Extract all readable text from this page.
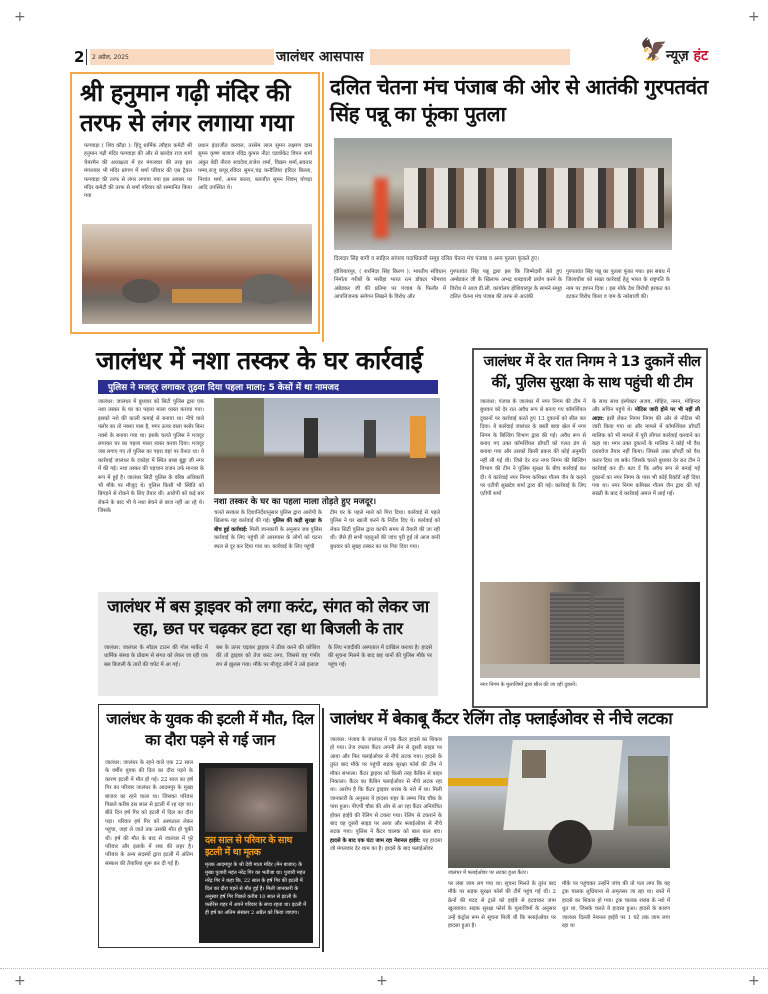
+	+
+	+
+
2 2 अप्रैल, 2025	जालंधर आसपास	🦅
न्यूज़ हंट
श्री हनुमान गढ़ी मंदिर की तरफ से लंगर लगाया गया
फगवाड़ा ( शिव कौड़ा ): हिंदू धार्मिक त्यौहार कमेटी श्री हनुमान गढ़ी मंदिर फगवाड़ा की और से बलदेव राज शर्मा चेयरमैन की अध्यक्षता में हर मंगलवार की तरह इस मंगलवार भी मंदिर प्रांगण में शर्मा परिवार की एस ट्रैवल फगवाड़ा की तरफ से लंगर लगाया गया इस अवसर पर मंदिर कमेटी की तरफ से शर्मा परिवार को सम्मानित किया गया
प्रधान इंदरजीत करवल, तरसेम लाल सुमन लक्ष्मण दास सुमन कृष्ण बजाज रविंद्र कुमार नीटा एडवोकेट विपन शर्मा अंकुर बेदी नीरज सचदेवा,राजेश शर्मा, विक्रम शर्मा,अवतार पम्मा,राजू कपूर,रविंदर सुमन,चंद्र कनौजिया हरिंदर बिल्ला, निशांत शर्मा, अमन काला, बलजीत सुमन शिवम् चोपड़ा आदि उपस्थित थे।
दलित चेतना मंच पंजाब की ओर से आतंकी गुरपतवंत सिंह पन्नू का फूंका पुतला
दिलदार सिंह बागी व साहिल सांपला पदाधिकारी समूह दलित चेतना मंच पंजाब व अन्य पुतला फूंकते हुए।
होशियारपुर, ( शरमिंदर सिंह किरण ): भारतीय संविधान निर्माता गरीबों के मसीहा भारत रत्न डॉक्टर भीमराव अंबेडकर जी की प्रतिमा पर पंजाब के फिलौर में आपत्तिजनक स्लोगन लिखने के विरोध और
गुरपतवंत सिंह पन्नू द्वारा इस कि जिम्मेदारी लेते हुए अम्बेडकर जी के खिलाफ अभद्र शब्दावली प्रयोग करने के विरोध मे आज डी.सी. कार्यालय होशियारपुर के सामने समूह दलित चेतना मंच पंजाब की तरफ से आतंकी
गुरपतवंत सिंह पन्नू का पुतला फूंका गया। इस संबंध में जिलाधीश को सख्त कार्रवाई हेतु भारत के राष्ट्रपति के नाम पर ज्ञापन दिया । इस मोके देश विरोधी हरकत का डटकर विरोध किया व जम के नारेबाजी की।
जालंधर में नशा तस्कर के घर कार्रवाई
पुलिस ने मजदूर लगाकर तुड़वा दिया पहला माला; 5 केसों में था नामजद
जालंधर: जालंधर में बुधवार को सिटी पुलिस द्वारा एक नशा तस्कर के घर का पहला माला ध्वस्त कराया गया। इसको नशे की काली कमाई से बनाया था। नीचे वाले फ्लोर का तो नक्शा पास है, मगर ऊपर वाला फ्लोर बिना नक्शे के बनाया गया था। इसके चलते पुलिस ने मजदूर लगाकर घर का पहला माला ध्वस्त करवा दिया। मजदूर जब लगाए गए तो पुलिस का पहरा वहां पर तैनात था। ये कार्रवाई जालंधर के दकोहा में स्थित बाबा बुड्ढा जी नगर में की गई। नशा तस्कर की पहचान राजन उर्फ मान्जर के रूप में हुई है। जालंधर सिटी पुलिस के वरिष्ठ अधिकारी भी मौके पर मौजूद थे। पुलिस किसी भी स्थिति को बिगड़ने से रोकने के लिए तैयार थी। आरोपी को कई बार रोकने के बाद भी वे नशा बेचने से बाज नहीं आ रहे थे। जिसके
नशा तस्कर के घर का पहला माला तोड़ते हुए मजदूर।
चलते सरकार के दिशानिर्देशानुसार पुलिस द्वारा आरोपी के खिलाफ यह कार्रवाई की गई। पुलिस की कड़ी सुरक्षा के बीच हुई कार्रवाई: मिली जानकारी के अनुसार जब पुलिस कार्रवाई के लिए पहुंची तो आसपास के लोगों को घटना स्थल से दूर कर दिया गया था। कार्रवाई के लिए पहुंची
टीम घर के पहले माले को गिरा दिया। कार्रवाई से पहले पुलिस ने घर खाली करने के निर्देश दिए थे। कार्रवाई को लेकर सिटी पुलिस द्वारा काफी समय से तैयारी की जा रही थी। जैसे ही सभी पहलुओं की जांच पूरी हुई तो आज यानी बुधवार को सुबह तस्कर का घर गिरा दिया गया।
जालंधर में देर रात निगम ने 13 दुकानें सील कीं, पुलिस सुरक्षा के साथ पहुंची थी टीम
जालंधर: पंजाब के जालंधर में नगर निगम की टीम ने बुधवार को देर रात अवैध रूप से बनाए गए कॉमर्शियल दुकानों पर कार्रवाई करते हुए 13 दुकानों को सील कर दिया। ये कार्रवाई जालंधर के बस्ती बावा खेल में नगर निगम के बिल्डिंग विभाग द्वारा की गई। अवैध रूप से बनाए गए उक्त कॉमर्शियल प्रॉपर्टी को गलत ढंग से बनाया गया और उसको किसी प्रकार की कोई अनुमति नहीं ली गई थी। जिसे देर रात नगर निगम की बिल्डिंग विभाग की टीम ने पुलिस सुरक्षा के बीच कार्रवाई कर दी। ये कार्रवाई नगर निगम कमिश्नर गौतम जैन के कहने पर एटीपी सुखदेव शर्मा द्वारा की गई। कार्रवाई के लिए एटीपी शर्मा
के साथ साथ इंस्पेक्टर अजय, मोहित, नमन, मोहिन्दर और सचिन पहुंचे थे। नोटिस जारी होने पर भी नहीं ली आज्ञा: इसी लेकर निगम निगम की ओर से नोटिस भी जारी किया गया था और मामले में कॉमर्शियल प्रॉपर्टी मालिक को भी मामले में पूरी लीगल कार्रवाई करवाने का कहा था। मगर उक्त दुकानों के मालिक ने कोई भी वैध दस्तावेज तैयार नहीं किया। जिससे उक्त प्रॉपर्टी को वैध करार दिया जा सके। जिसके चलते बुधवार देर रात टीम ने कार्रवाई कर दी। बता दें कि अवैध रूप से बनाई गई दुकानों का नगर निगम के पास भी कोई रिकॉर्ड नहीं दिया गया था। नगर निगम कमिश्नर गौतम जैन द्वारा की गई सख्ती के बाद ये कार्रवाई अमल में लाई गई।
नगर निगम के मुलाजिमों द्वारा सील की जा रही दुकानें।
जालंधर में बस ड्राइवर को लगा करंट, संगत को लेकर जा रहा, छत पर चढ़कर हटा रहा था बिजली के तार
जालंधर: जालंधर के मॉडल टाउन की गोल मार्केट में धार्मिक संस्था के प्रोग्राम से संगत को लेकर जा रही एक बस बिजली के तारों की चपेट में आ गई।
बस के ऊपर चढ़कर ड्राइवर ने ठीक करने की कोशिश की तो ड्राइवर को तेज करंट लगा, जिससे वह गंभीर रुप से झुलस गया। मौके पर मौजूद लोगों ने उसे इलाज
के लिए नजदीकी अस्पताल में दाखिल कराया है। हादसे की सूचना मिलने के बाद छह थानों की पुलिस मौके पर पहुंच गई।
जालंधर के युवक की इटली में मौत, दिल का दौरा पड़ने से गई जान
जालंधर: जालंधर के रहने वाले एक 22 साल के वर्षीय युवक की दिल का दौरा पड़ने के कारण इटली में मौत हो गई। 22 साल का हर्ष गिर का परिवार जालंधर के आदमपुर के मुख्य बाजार का रहने वाला था। जिसका परिवार पिछले करीब दस साल से इटली में रह रहा था। बीते दिन हर्ष गिर को इटली में दिल का दौरा पड़ा। परिवार हर्ष गिर को अस्पताल लेकर पहुंचा, जहां ले जाते तक उसकी मौत हो चुकी थी। हर्ष की मौत के बाद से जालंधर में पूरे परिवार और इलाके में शक की लहर है। परिवार के अन्य सदस्यों द्वारा इटली में अंतिम संस्कार की तैयारियां शुरू कर दी गई हैं।
दस साल से परिवार के साथ इटली में था मृतक
मृतक आदमपुर के श्री देवी माता मंदिर (मेन बाजार) के मुख्य पुजारी महंत नरेंद्र गिर का भतीजा था। पुजारी महंत नरेंद्र गिर ने कहा कि, 22 साल के हर्ष गिर की इटली में दिल का दौरा पड़ने से मौत हुई है। मिली जानकारी के अनुसार हर्ष गिर पिछले करीब 10 साल से इटली के फ्लोरेंस शहर में अपने परिवार के साथ रहता था। इटली में ही हर्ष का अंतिम संस्कार 2 अप्रैल को किया जाएगा।
जालंधर में बेकाबू कैंटर रेलिंग तोड़ फ्लाईओवर से नीचे लटका
जालंधर: पंजाब के जालंधर में एक कैंटर हादसे का शिकार हो गया। तेज रफ्तार कैंटर अपनी लेन से दूसरी साइड पर आया और फिर फ्लाईओवर से नीचे लटक गया। हादसे के तुरंत बाद मौके पर पहुंची सड़क सुरक्षा फोर्स की टीम ने मौका संभाला। कैंटर ड्राइवर को किसी तरह कैबिन से बाहर निकाला। कैंटर का कैबिन फ्लाईओवर से नीचे लटक रहा था। आरोप है कि कैंटर ड्राइवर शराब के नशे में था। मिली जानकारी के अनुसार ये हादसा शहर के लम्मा पिंड चौक के पास हुआ। पीएपी चौक की ओर से आ रहा कैंटर अनियंत्रित होकर हाईवे की रेलिंग से टकरा गया। रेलिंग से टकराने के बाद वह दूसरी साइड पर आया और फ्लाईओवर से नीचे लटक गया। पुलिस ने कैंटर चालक को बाल बाल बच। हादसे के बाद एक घंटा जाम रहा नेशनल हाईवे: यह हादसा जो मंगलवार देर शाम का है। हादसे के बाद फ्लाईओवर
जालंधर में फ्लाईओवर पर लटका हुआ कैंटर।
पर लंबा जाम लग गया था। सूचना मिलते के तुरंत बाद मौके पर सड़क सुरक्षा फोर्स की टीमें पहुंच गई थी। 2 क्रेनों की मदद से ट्राले को हाईवे से हटवाकर जाम खुलवाया। सड़क सुरक्षा फोर्स के मुलाजिमों के अनुसार उन्हें कंट्रोल रूम से सूचना मिली थी कि फ्लाईओवर पर हादसा हुआ है।
मौके पर पहुंचकर उन्होंने जांच की तो पता लगा कि यह ट्रक चालक लुधियाना से अमृतसर जा रहा था। रास्ते में हादसे का शिकार हो गया। ट्रक चालक शराब के नशे में धुत था, जिसके चलते ये हादसा हुआ। हादसे के कारण जालंधर दिल्ली नेशनल हाईवे पर 1 घंटे तक जाम लगा रहा था
